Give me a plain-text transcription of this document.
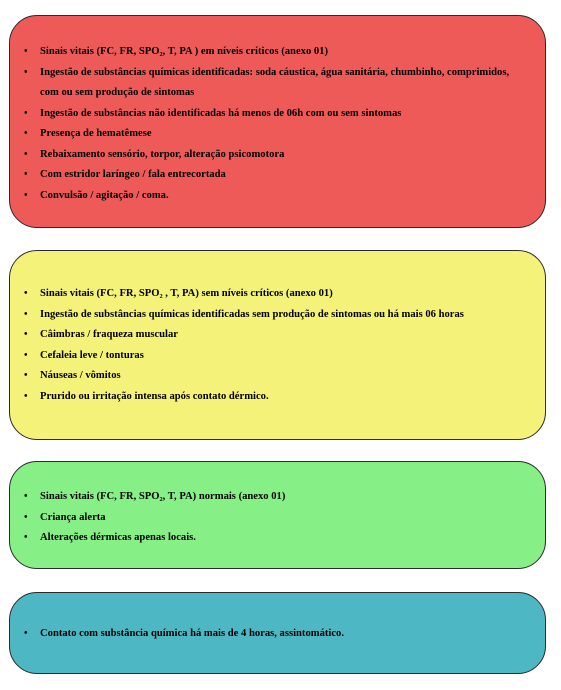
• Sinais vitais (FC, FR, SPO₂, T, PA ) em níveis críticos (anexo 01)
• Ingestão de substâncias químicas identificadas: soda cáustica, água sanitária, chumbinho, comprimidos, com ou sem produção de sintomas
• Ingestão de substâncias não identificadas há menos de 06h com ou sem sintomas
• Presença de hematêmese
• Rebaixamento sensório, torpor, alteração psicomotora
• Com estridor laríngeo / fala entrecortada
• Convulsão / agitação / coma.
• Sinais vitais (FC, FR, SPO₂ , T, PA) sem níveis críticos (anexo 01)
• Ingestão de substâncias químicas identificadas sem produção de sintomas ou há mais 06 horas
• Câimbras / fraqueza muscular
• Cefaleia leve / tonturas
• Náuseas / vômitos
• Prurido ou irritação intensa após contato dérmico.
• Sinais vitais (FC, FR, SPO₂, T, PA) normais (anexo 01)
• Criança alerta
• Alterações dérmicas apenas locais.
• Contato com substância química há mais de 4 horas, assintomático.
